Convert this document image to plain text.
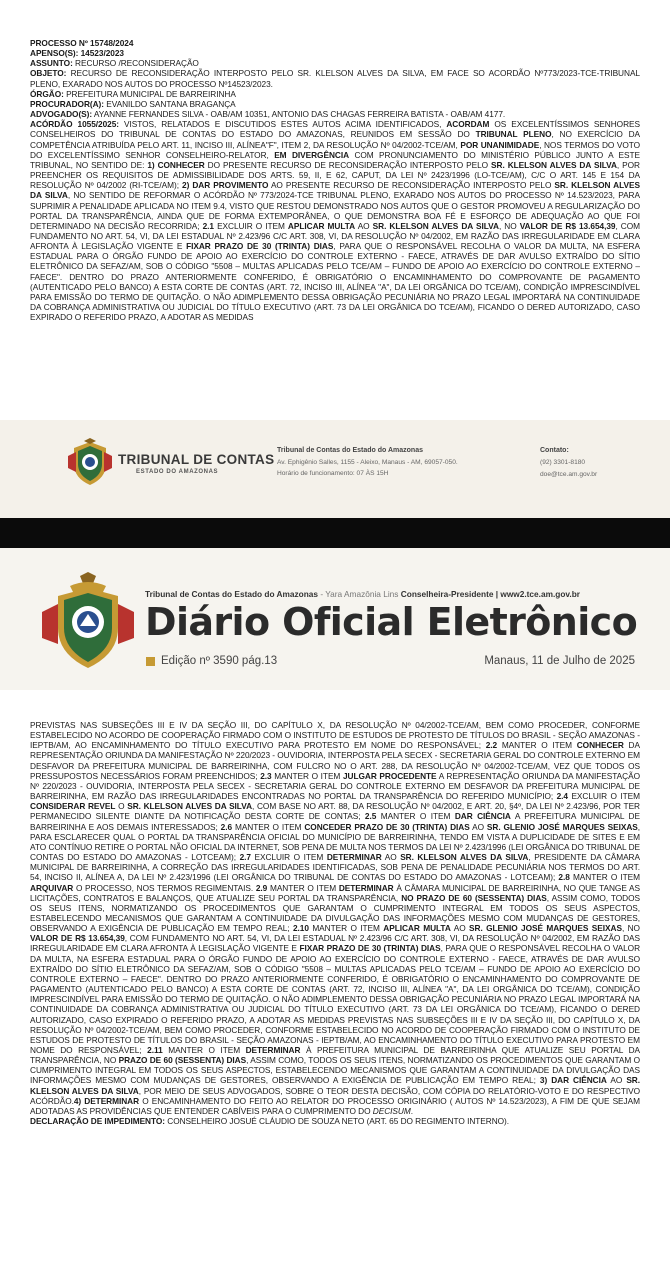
PROCESSO Nº 15748/2024

APENSO(S): 14523/2023

ASSUNTO: RECURSO /RECONSIDERAÇÃO

OBJETO: RECURSO DE RECONSIDERAÇÃO INTERPOSTO PELO SR. KLELSON ALVES DA SILVA, EM FACE SO ACORDÃO Nº773/2023-TCE-TRIBUNAL PLENO, EXARADO NOS AUTOS DO PROCESSO Nº14523/2023.

ÓRGÃO: PREFEITURA MUNICIPAL DE BARREIRINHA

PROCURADOR(A): EVANILDO SANTANA BRAGANÇA

ADVOGADO(S): AYANNE FERNANDES SILVA - OAB/AM 10351, ANTONIO DAS CHAGAS FERREIRA BATISTA - OAB/AM 4177.

ACÓRDÃO 1055/2025: VISTOS, RELATADOS E DISCUTIDOS ESTES AUTOS ACIMA IDENTIFICADOS, ACORDAM OS EXCELENTÍSSIMOS SENHORES CONSELHEIROS DO TRIBUNAL DE CONTAS DO ESTADO DO AMAZONAS, REUNIDOS EM SESSÃO DO TRIBUNAL PLENO, NO EXERCÍCIO DA COMPETÊNCIA ATRIBUÍDA PELO ART. 11, INCISO III, ALÍNEA"F", ITEM 2, DA RESOLUÇÃO Nº 04/2002-TCE/AM, POR UNANIMIDADE, NOS TERMOS DO VOTO DO EXCELENTÍSSIMO SENHOR CONSELHEIRO-RELATOR, EM DIVERGÊNCIA COM PRONUNCIAMENTO DO MINISTÉRIO PÚBLICO JUNTO A ESTE TRIBUNAL, NO SENTIDO DE: 1) CONHECER DO PRESENTE RECURSO DE RECONSIDERAÇÃO INTERPOSTO PELO SR. KLELSON ALVES DA SILVA, POR PREENCHER OS REQUISITOS DE ADMISSIBILIDADE DOS ARTS. 59, II, E 62, CAPUT, DA LEI Nº 2423/1996 (LO-TCE/AM), C/C O ART. 145 E 154 DA RESOLUÇÃO Nº 04/2002 (RI-TCE/AM); 2) DAR PROVIMENTO AO PRESENTE RECURSO DE RECONSIDERAÇÃO INTERPOSTO PELO SR. KLELSON ALVES DA SILVA, NO SENTIDO DE REFORMAR O ACÓRDÃO Nº 773/2024-TCE TRIBUNAL PLENO, EXARADO NOS AUTOS DO PROCESSO Nº 14.523/2023, PARA SUPRIMIR A PENALIDADE APLICADA NO ITEM 9.4, VISTO QUE RESTOU DEMONSTRADO NOS AUTOS QUE O GESTOR PROMOVEU A REGULARIZAÇÃO DO PORTAL DA TRANSPARÊNCIA, AINDA QUE DE FORMA EXTEMPORÂNEA, O QUE DEMONSTRA BOA FÉ E ESFORÇO DE ADEQUAÇÃO AO QUE FOI DETERMINADO NA DECISÃO RECORRIDA; 2.1 EXCLUIR O ITEM APLICAR MULTA AO SR. KLELSON ALVES DA SILVA, NO VALOR DE R$ 13.654,39, COM FUNDAMENTO NO ART. 54, VI, DA LEI ESTADUAL Nº 2.423/96 C/C ART. 308, VI, DA RESOLUÇÃO Nº 04/2002, EM RAZÃO DAS IRREGULARIDADE EM CLARA AFRONTA À LEGISLAÇÃO VIGENTE E FIXAR PRAZO DE 30 (TRINTA) DIAS, PARA QUE O RESPONSÁVEL RECOLHA O VALOR DA MULTA, NA ESFERA ESTADUAL PARA O ÓRGÃO FUNDO DE APOIO AO EXERCÍCIO DO CONTROLE EXTERNO - FAECE, ATRAVÉS DE DAR AVULSO EXTRAÍDO DO SÍTIO ELETRÔNICO DA SEFAZ/AM, SOB O CÓDIGO "5508 – MULTAS APLICADAS PELO TCE/AM – FUNDO DE APOIO AO EXERCÍCIO DO CONTROLE EXTERNO – FAECE". DENTRO DO PRAZO ANTERIORMENTE CONFERIDO, É OBRIGATÓRIO O ENCAMINHAMENTO DO COMPROVANTE DE PAGAMENTO (AUTENTICADO PELO BANCO) A ESTA CORTE DE CONTAS (ART. 72, INCISO III, ALÍNEA "A", DA LEI ORGÂNICA DO TCE/AM), CONDIÇÃO IMPRESCINDÍVEL PARA EMISSÃO DO TERMO DE QUITAÇÃO. O NÃO ADIMPLEMENTO DESSA OBRIGAÇÃO PECUNIÁRIA NO PRAZO LEGAL IMPORTARÁ NA CONTINUIDADE DA COBRANÇA ADMINISTRATIVA OU JUDICIAL DO TÍTULO EXECUTIVO (ART. 73 DA LEI ORGÂNICA DO TCE/AM), FICANDO O DERED AUTORIZADO, CASO EXPIRADO O REFERIDO PRAZO, A ADOTAR AS MEDIDAS

TRIBUNAL DE CONTAS
ESTADO DO AMAZONAS
Tribunal de Contas do Estado do Amazonas
Av. Ephigênio Salles, 1155 - Aleixo, Manaus - AM, 69057-050.
Horário de funcionamento: 07 ÀS 15H
Contato:
(92) 3301-8180
doe@tce.am.gov.br
Tribunal de Contas do Estado do Amazonas - Yara Amazônia Lins Conselheira-Presidente | www2.tce.am.gov.br
Diário Oficial Eletrônico
Edição nº 3590 pág.13	Manaus, 11 de Julho de 2025

PREVISTAS NAS SUBSEÇÕES III E IV DA SEÇÃO III, DO CAPÍTULO X, DA RESOLUÇÃO Nº 04/2002-TCE/AM, BEM COMO PROCEDER, CONFORME ESTABELECIDO NO ACORDO DE COOPERAÇÃO FIRMADO COM O INSTITUTO DE ESTUDOS DE PROTESTO DE TÍTULOS DO BRASIL - SEÇÃO AMAZONAS - IEPTB/AM, AO ENCAMINHAMENTO DO TÍTULO EXECUTIVO PARA PROTESTO EM NOME DO RESPONSÁVEL; 2.2 MANTER O ITEM CONHECER DA REPRESENTAÇÃO ORIUNDA DA MANIFESTAÇÃO Nº 220/2023 - OUVIDORIA, INTERPOSTA PELA SECEX - SECRETARIA GERAL DO CONTROLE EXTERNO EM DESFAVOR DA PREFEITURA MUNICIPAL DE BARREIRINHA, COM FULCRO NO O ART. 288, DA RESOLUÇÃO Nº 04/2002-TCE/AM, VEZ QUE TODOS OS PRESSUPOSTOS NECESSÁRIOS FORAM PREENCHIDOS; 2.3 MANTER O ITEM JULGAR PROCEDENTE A REPRESENTAÇÃO ORIUNDA DA MANIFESTAÇÃO Nº 220/2023 - OUVIDORIA, INTERPOSTA PELA SECEX - SECRETARIA GERAL DO CONTROLE EXTERNO EM DESFAVOR DA PREFEITURA MUNICIPAL DE BARREIRINHA, EM RAZÃO DAS IRREGULARIDADES ENCONTRADAS NO PORTAL DA TRANSPARÊNCIA DO REFERIDO MUNICÍPIO; 2.4 EXCLUIR O ITEM CONSIDERAR REVEL O SR. KLELSON ALVES DA SILVA, COM BASE NO ART. 88, DA RESOLUÇÃO Nº 04/2002, E ART. 20, §4º, DA LEI Nº 2.423/96, POR TER PERMANECIDO SILENTE DIANTE DA NOTIFICAÇÃO DESTA CORTE DE CONTAS; 2.5 MANTER O ITEM DAR CIÊNCIA A PREFEITURA MUNICIPAL DE BARREIRINHA E AOS DEMAIS INTERESSADOS; 2.6 MANTER O ITEM CONCEDER PRAZO DE 30 (TRINTA) DIAS AO SR. GLENIO JOSÉ MARQUES SEIXAS, PARA ESCLARECER QUAL O PORTAL DA TRANSPARÊNCIA OFICIAL DO MUNICÍPIO DE BARREIRINHA, TENDO EM VISTA A DUPLICIDADE DE SITES E EM ATO CONTÍNUO RETIRE O PORTAL NÃO OFICIAL DA INTERNET, SOB PENA DE MULTA NOS TERMOS DA LEI Nº 2.423/1996 (LEI ORGÂNICA DO TRIBUNAL DE CONTAS DO ESTADO DO AMAZONAS - LOTCEAM); 2.7 EXCLUIR O ITEM DETERMINAR AO SR. KLELSON ALVES DA SILVA, PRESIDENTE DA CÂMARA MUNICIPAL DE BARREIRINHA, A CORREÇÃO DAS IRREGULARIDADES IDENTIFICADAS, SOB PENA DE PENALIDADE PECUNIÁRIA NOS TERMOS DO ART. 54, INCISO II, ALÍNEA A, DA LEI Nº 2.423/1996 (LEI ORGÂNICA DO TRIBUNAL DE CONTAS DO ESTADO DO AMAZONAS - LOTCEAM); 2.8 MANTER O ITEM ARQUIVAR O PROCESSO, NOS TERMOS REGIMENTAIS. 2.9 MANTER O ITEM DETERMINAR À CÂMARA MUNICIPAL DE BARREIRINHA, NO QUE TANGE AS LICITAÇÕES, CONTRATOS E BALANÇOS, QUE ATUALIZE SEU PORTAL DA TRANSPARÊNCIA, NO PRAZO DE 60 (SESSENTA) DIAS, ASSIM COMO, TODOS OS SEUS ITENS, NORMATIZANDO OS PROCEDIMENTOS QUE GARANTAM O CUMPRIMENTO INTEGRAL EM TODOS OS SEUS ASPECTOS, ESTABELECENDO MECANISMOS QUE GARANTAM A CONTINUIDADE DA DIVULGAÇÃO DAS INFORMAÇÕES MESMO COM MUDANÇAS DE GESTORES, OBSERVANDO A EXIGÊNCIA DE PUBLICAÇÃO EM TEMPO REAL; 2.10 MANTER O ITEM APLICAR MULTA AO SR. GLENIO JOSÉ MARQUES SEIXAS, NO VALOR DE R$ 13.654,39, COM FUNDAMENTO NO ART. 54, VI, DA LEI ESTADUAL Nº 2.423/96 C/C ART. 308, VI, DA RESOLUÇÃO Nº 04/2002, EM RAZÃO DAS IRREGULARIDADE EM CLARA AFRONTA À LEGISLAÇÃO VIGENTE E FIXAR PRAZO DE 30 (TRINTA) DIAS, PARA QUE O RESPONSÁVEL RECOLHA O VALOR DA MULTA, NA ESFERA ESTADUAL PARA O ÓRGÃO FUNDO DE APOIO AO EXERCÍCIO DO CONTROLE EXTERNO - FAECE, ATRAVÉS DE DAR AVULSO EXTRAÍDO DO SÍTIO ELETRÔNICO DA SEFAZ/AM, SOB O CÓDIGO "5508 – MULTAS APLICADAS PELO TCE/AM – FUNDO DE APOIO AO EXERCÍCIO DO CONTROLE EXTERNO – FAECE". DENTRO DO PRAZO ANTERIORMENTE CONFERIDO, É OBRIGATÓRIO O ENCAMINHAMENTO DO COMPROVANTE DE PAGAMENTO (AUTENTICADO PELO BANCO) A ESTA CORTE DE CONTAS (ART. 72, INCISO III, ALÍNEA "A", DA LEI ORGÂNICA DO TCE/AM), CONDIÇÃO IMPRESCINDÍVEL PARA EMISSÃO DO TERMO DE QUITAÇÃO. O NÃO ADIMPLEMENTO DESSA OBRIGAÇÃO PECUNIÁRIA NO PRAZO LEGAL IMPORTARÁ NA CONTINUIDADE DA COBRANÇA ADMINISTRATIVA OU JUDICIAL DO TÍTULO EXECUTIVO (ART. 73 DA LEI ORGÂNICA DO TCE/AM), FICANDO O DERED AUTORIZADO, CASO EXPIRADO O REFERIDO PRAZO, A ADOTAR AS MEDIDAS PREVISTAS NAS SUBSEÇÕES III E IV DA SEÇÃO III, DO CAPÍTULO X, DA RESOLUÇÃO Nº 04/2002-TCE/AM, BEM COMO PROCEDER, CONFORME ESTABELECIDO NO ACORDO DE COOPERAÇÃO FIRMADO COM O INSTITUTO DE ESTUDOS DE PROTESTO DE TÍTULOS DO BRASIL - SEÇÃO AMAZONAS - IEPTB/AM, AO ENCAMINHAMENTO DO TÍTULO EXECUTIVO PARA PROTESTO EM NOME DO RESPONSÁVEL; 2.11 MANTER O ITEM DETERMINAR À PREFEITURA MUNICIPAL DE BARREIRINHA QUE ATUALIZE SEU PORTAL DA TRANSPARÊNCIA, NO PRAZO DE 60 (SESSENTA) DIAS, ASSIM COMO, TODOS OS SEUS ITENS, NORMATIZANDO OS PROCEDIMENTOS QUE GARANTAM O CUMPRIMENTO INTEGRAL EM TODOS OS SEUS ASPECTOS, ESTABELECENDO MECANISMOS QUE GARANTAM A CONTINUIDADE DA DIVULGAÇÃO DAS INFORMAÇÕES MESMO COM MUDANÇAS DE GESTORES, OBSERVANDO A EXIGÊNCIA DE PUBLICAÇÃO EM TEMPO REAL; 3) DAR CIÊNCIA AO SR. KLELSON ALVES DA SILVA, POR MEIO DE SEUS ADVOGADOS, SOBRE O TEOR DESTA DECISÃO, COM CÓPIA DO RELATÓRIO-VOTO E DO RESPECTIVO ACÓRDÃO.4) DETERMINAR O ENCAMINHAMENTO DO FEITO AO RELATOR DO PROCESSO ORIGINÁRIO ( AUTOS Nº 14.523/2023), A FIM DE QUE SEJAM ADOTADAS AS PROVIDÊNCIAS QUE ENTENDER CABÍVEIS PARA O CUMPRIMENTO DO DECISUM.

DECLARAÇÃO DE IMPEDIMENTO: CONSELHEIRO JOSUÉ CLÁUDIO DE SOUZA NETO (ART. 65 DO REGIMENTO INTERNO).
